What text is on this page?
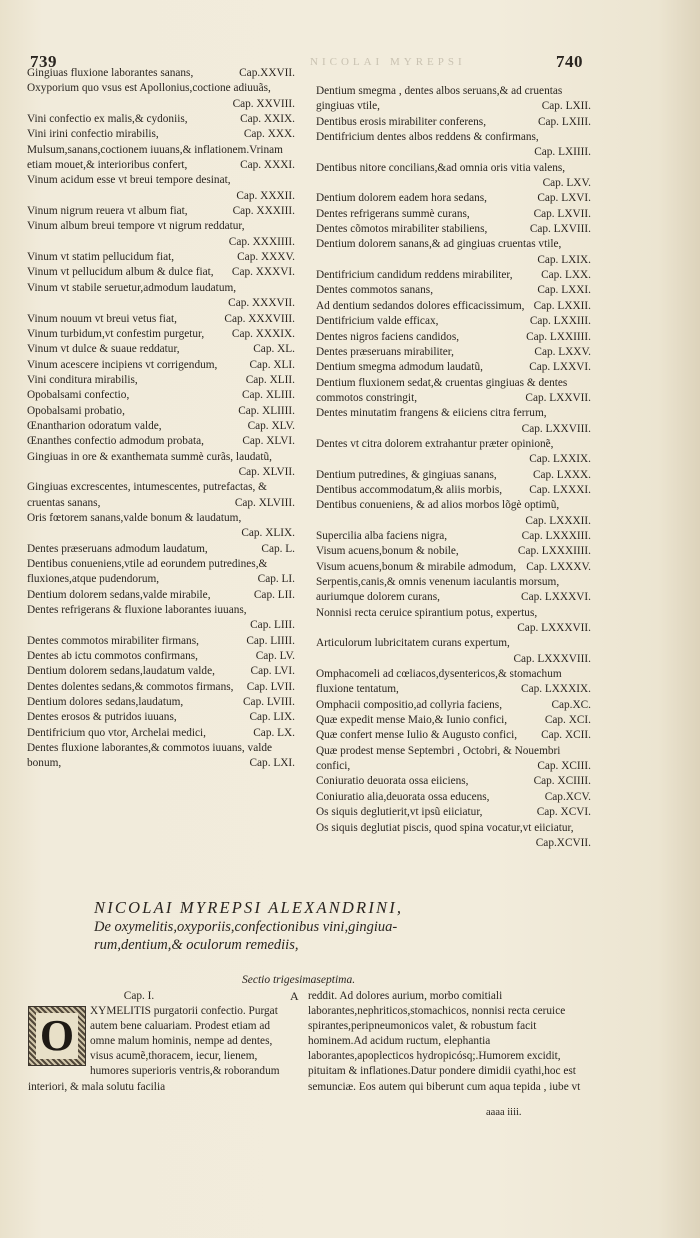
739	NICOLAI MYREPSI	740
Gingiuas fluxione laborantes sanans,	Cap.XXVII.
Oxyporium quo vsus est Apollonius,coctione adiuuãs,
Cap. XXVIII.
Vini confectio ex malis,& cydoniis,	Cap. XXIX.
Vini irini confectio mirabilis,	Cap. XXX.
Mulsum,sanans,coctionem iuuans,& inflationem.Vrinam etiam mouet,& interioribus confert,	Cap. XXXI.
Vinum acidum esse vt breui tempore desinat,
Cap. XXXII.
Vinum nigrum reuera vt album fiat,	Cap. XXXIII.
Vinum album breui tempore vt nigrum reddatur,
Cap. XXXIIII.
Vinum vt statim pellucidum fiat,	Cap. XXXV.
Vinum vt pellucidum album & dulce fiat, Cap. XXXVI.
Vinum vt stabile seruetur,admodum laudatum,
Cap. XXXVII.
Vinum nouum vt breui vetus fiat,	Cap. XXXVIII.
Vinum turbidum,vt confestim purgetur, Cap. XXXIX.
Vinum vt dulce & suaue reddatur,	Cap. XL.
Vinum acescere incipiens vt corrigendum,	Cap. XLI.
Vini conditura mirabilis,	Cap. XLII.
Opobalsami confectio,	Cap. XLIII.
Opobalsami probatio,	Cap. XLIIII.
Œnantharion odoratum valde,	Cap. XLV.
Œnanthes confectio admodum probata,	Cap. XLVI.
Gingiuas in ore & exanthemata summè curãs, laudatũ,
Cap. XLVII.
Gingiuas excrescentes, intumescentes, putrefactas, & cruentas sanans,	Cap. XLVIII.
Oris fœtorem sanans,valde bonum & laudatum,
Cap. XLIX.
Dentes præseruans admodum laudatum,	Cap. L.
Dentibus conueniens,vtile ad eorundem putredines,& fluxiones,atque pudendorum,	Cap. LI.
Dentium dolorem sedans,valde mirabile,	Cap. LII.
Dentes refrigerans & fluxione laborantes iuuans,
Cap. LIII.
Dentes commotos mirabiliter firmans,	Cap. LIIII.
Dentes ab ictu commotos confirmans,	Cap. LV.
Dentium dolorem sedans,laudatum valde,	Cap. LVI.
Dentes dolentes sedans,& commotos firmans, Cap. LVII.
Dentium dolores sedans,laudatum,	Cap. LVIII.
Dentes erosos & putridos iuuans,	Cap. LIX.
Dentifricium quo vtor, Archelai medici,	Cap. LX.
Dentes fluxione laborantes,& commotos iuuans, valde bonum,	Cap. LXI.
Dentium smegma , dentes albos seruans,& ad cruentas gingiuas vtile,	Cap. LXII.
Dentibus erosis mirabiliter conferens,	Cap. LXIII.
Dentifricium dentes albos reddens & confirmans,
Cap. LXIIII.
Dentibus nitore concilians,&ad omnia oris vitia valens,
Cap. LXV.
Dentium dolorem eadem hora sedans,	Cap. LXVI.
Dentes refrigerans summè curans,	Cap. LXVII.
Dentes cõmotos mirabiliter stabiliens,	Cap. LXVIII.
Dentium dolorem sanans,& ad gingiuas cruentas vtile,
Cap. LXIX.
Dentifricium candidum reddens mirabiliter,	Cap. LXX.
Dentes commotos sanans,	Cap. LXXI.
Ad dentium sedandos dolores efficacissimum, Cap. LXXII.
Dentifricium valde efficax,	Cap. LXXIII.
Dentes nigros faciens candidos,	Cap. LXXIIII.
Dentes præseruans mirabiliter,	Cap. LXXV.
Dentium smegma admodum laudatũ,	Cap. LXXVI.
Dentium fluxionem sedat,& cruentas gingiuas & dentes commotos constringit,	Cap. LXXVII.
Dentes minutatim frangens & eiiciens citra ferrum,
Cap. LXXVIII.
Dentes vt citra dolorem extrahantur præter opinionẽ,
Cap. LXXIX.
Dentium putredines, & gingiuas sanans,	Cap. LXXX.
Dentibus accommodatum,& aliis morbis, Cap. LXXXI.
Dentibus conueniens, & ad alios morbos lõgè optimũ,
Cap. LXXXII.
Supercilia alba faciens nigra,	Cap. LXXXIII.
Visum acuens,bonum & nobile,	Cap. LXXXIIII.
Visum acuens,bonum & mirabile admodum, Cap. LXXXV.
Serpentis,canis,& omnis venenum iaculantis morsum, auriumque dolorem curans,	Cap. LXXXVI.
Nonnisi recta ceruice spirantium potus, expertus,
Cap. LXXXVII.
Articulorum lubricitatem curans expertum,
Cap. LXXXVIII.
Omphacomeli ad cœliacos,dysentericos,& stomachum fluxione tentatum,	Cap. LXXXIX.
Omphacii compositio,ad collyria faciens,	Cap.XC.
Quæ expedit mense Maio,& Iunio confici,	Cap. XCI.
Quæ confert mense Iulio & Augusto confici, Cap. XCII.
Quæ prodest mense Septembri , Octobri, & Nouembri confici,	Cap. XCIII.
Coniuratio deuorata ossa eiiciens,	Cap. XCIIII.
Coniuratio alia,deuorata ossa educens,	Cap.XCV.
Os siquis deglutierit,vt ipsũ eiiciatur,	Cap. XCVI.
Os siquis deglutiat piscis, quod spina vocatur,vt eiiciatur,
Cap.XCVII.
NICOLAI MYREPSI ALEXANDRINI,
De oxymelitis,oxyporiis,confectionibus vini,gingiua-
rum,dentium,& oculorum remediis,
Sectio trigesimaseptima.
Cap. I.
O	XYMELITIS purgatorii confectio. Purgat autem bene caluariam. Prodest etiam ad omne malum hominis, nempe ad dentes, visus acumẽ,thoracem, iecur, lienem, humores superioris ventris,& roborandum interiori, & mala solutu facilia
A reddit. Ad dolores aurium, morbo comitiali laborantes,nephriticos,stomachicos, nonnisi recta ceruice spirantes,peripneumonicos valet, & robustum facit hominem.Ad acidum ructum, elephantia laborantes,apoplecticos hydropicósq;.Humorem excidit, pituitam & inflationes.Datur pondere dimidii cyathi,hoc est semunciæ. Eos autem qui biberunt cum aqua tepida , iube vt
aaaa iiii.
